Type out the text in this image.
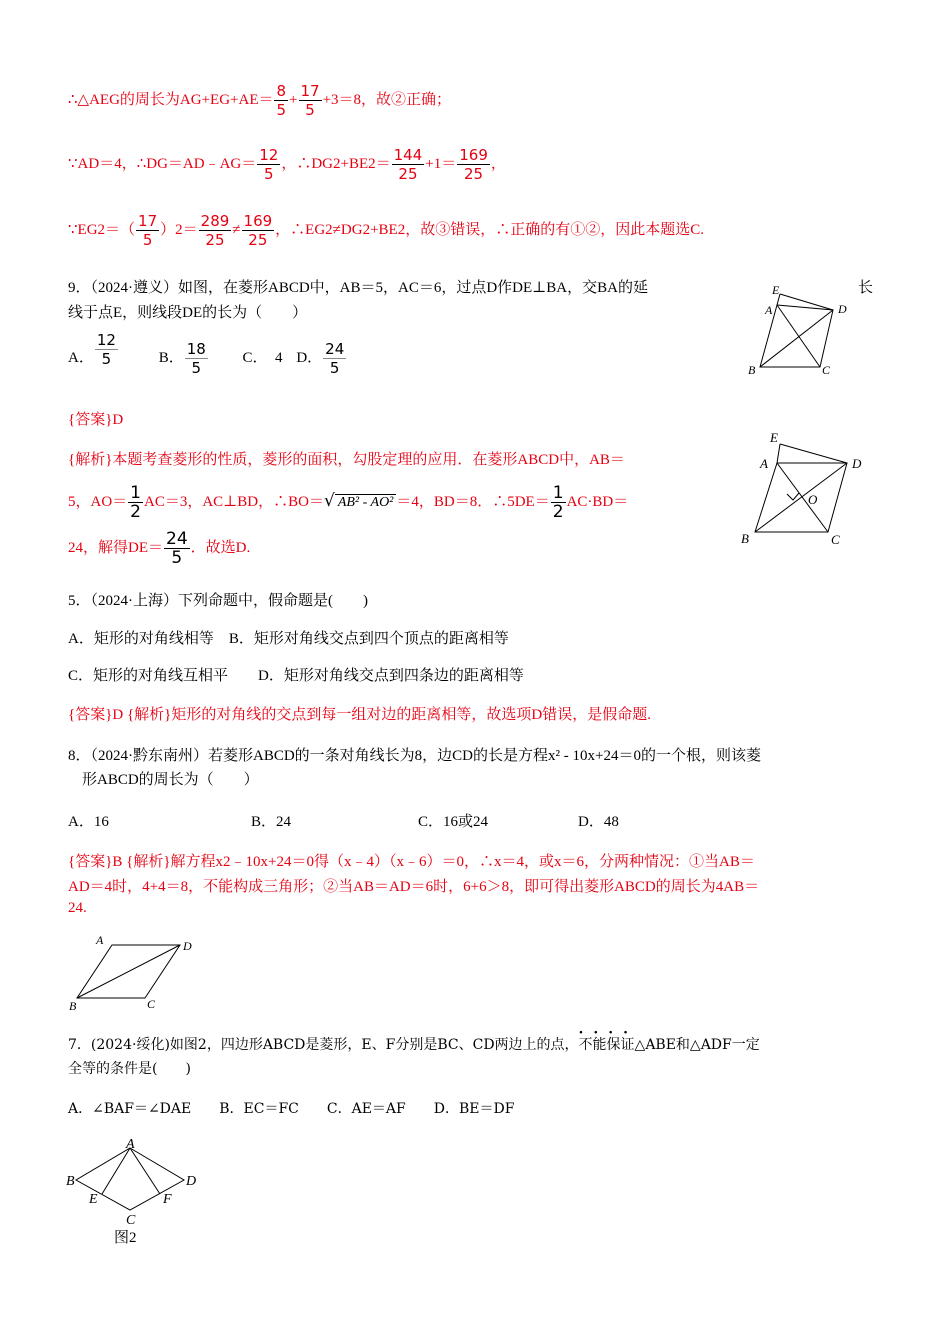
∴△AEG的周长为$AG+EG+AE= \frac{8}{5} + \frac{17}{5} +3=8$，故②正确；
∵AD＝4，∴DG＝AD﹣AG＝ $\frac{12}{5}$ ，∴DG2+BE2＝ $\frac{144}{25} +1= \frac{169}{25}$ ，
∵EG2＝（ $\frac{17}{5} )2= \frac{289}{25} \ne \frac{169}{25}$ ，∴EG2≠DG2+BE2，故③错误，∴正确的有①②，因此本题选C.
9．（2024·遵义）如图，在菱形ABCD中，AB＝5，AC＝6，过点D作DE⊥BA，交BA的延	长
线于点E，则线段DE的长为（　　）
A． $\frac{12}{5}$	B． $\frac{18}{5}$ C．　4 D． $\frac{24}{5}$
E
A	D
B	C
{答案}D
{解析}本题考查菱形的性质，菱形的面积，勾股定理的应用．在菱形ABCD中，AB＝
5，$AO= \frac{1}{2} AC=3$，AC⊥BD，∴BO＝√ AB² - AO² ＝4，BD＝8．∴5DE＝ $\frac{1}{2} AC\cdot BD=$
24，解得$DE= \frac{24}{5}$ ．故选D.
E
A	D
O
B	C
5．（2024·上海）下列命题中，假命题是(　　)
A．矩形的对角线相等　B．矩形对角线交点到四个顶点的距离相等
C．矩形的对角线互相平　　D．矩形对角线交点到四条边的距离相等
{答案}D {解析}矩形的对角线的交点到每一组对边的距离相等，故选项D错误，是假命题.
8．（2024·黔东南州）若菱形ABCD的一条对角线长为8，边CD的长是方程x² - 10x+24＝0的一个根，则该菱
形ABCD的周长为（　　）
A．16	B．24	C．16或24	D．48
{答案}B {解析}解方程x2﹣10x+24＝0得（x﹣4）（x﹣6）＝0，∴x＝4，或x＝6，分两种情况：①当AB＝
AD＝4时，4+4＝8，不能构成三角形；②当AB＝AD＝6时，6+6＞8，即可得出菱形ABCD的周长为4AB＝
24.
A	D
B	C
7．(2024·绥化)如图2，四边形ABCD是菱形，E、F分别是BC、CD两边上的点，不能保证
····
△ABE和△ADF一定
全等的条件是(　　)
A．∠BAF＝∠DAE　　B．EC＝FC　　C．AE＝AF　　D．BE＝DF
A
B	D
E	F
C
图2
